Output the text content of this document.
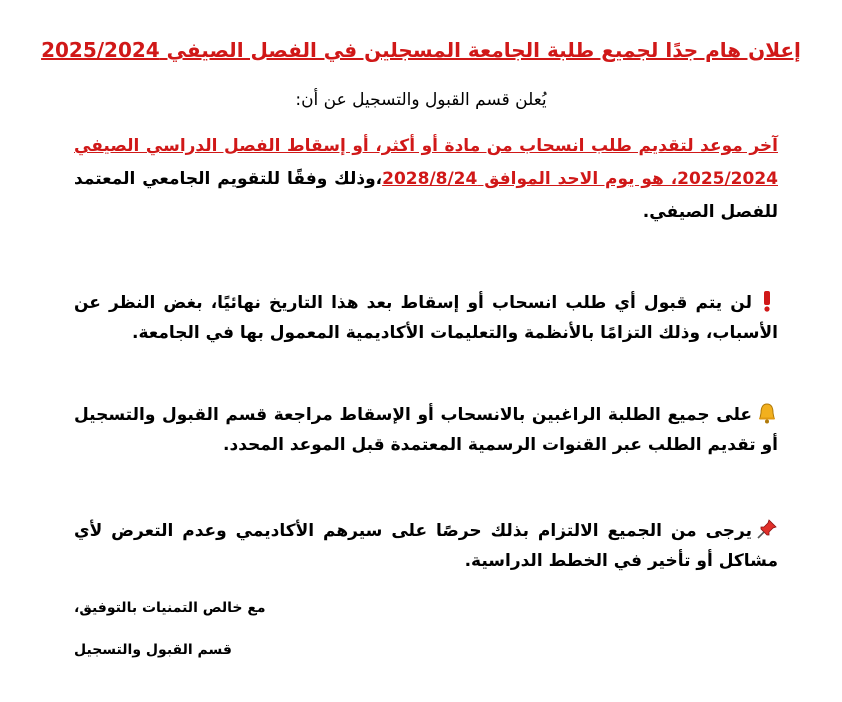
إعلان هام جدًا لجميع طلبة الجامعة المسجلين في الفصل الصيفي 2025/2024
يُعلن قسم القبول والتسجيل عن أن:
آخر موعد لتقديم طلب انسحاب من مادة أو أكثر، أو إسقاط الفصل الدراسي الصيفي 2025/2024، هو يوم الاحد الموافق 2028/8/24،وذلك وفقًا للتقويم الجامعي المعتمد للفصل الصيفي.
لن يتم قبول أي طلب انسحاب أو إسقاط بعد هذا التاريخ نهائيًا، بغض النظر عن الأسباب، وذلك التزامًا بالأنظمة والتعليمات الأكاديمية المعمول بها في الجامعة.
على جميع الطلبة الراغبين بالانسحاب أو الإسقاط مراجعة قسم القبول والتسجيل أو تقديم الطلب عبر القنوات الرسمية المعتمدة قبل الموعد المحدد.
يرجى من الجميع الالتزام بذلك حرصًا على سيرهم الأكاديمي وعدم التعرض لأي مشاكل أو تأخير في الخطط الدراسية.
مع خالص التمنيات بالتوفيق،
قسم القبول والتسجيل
